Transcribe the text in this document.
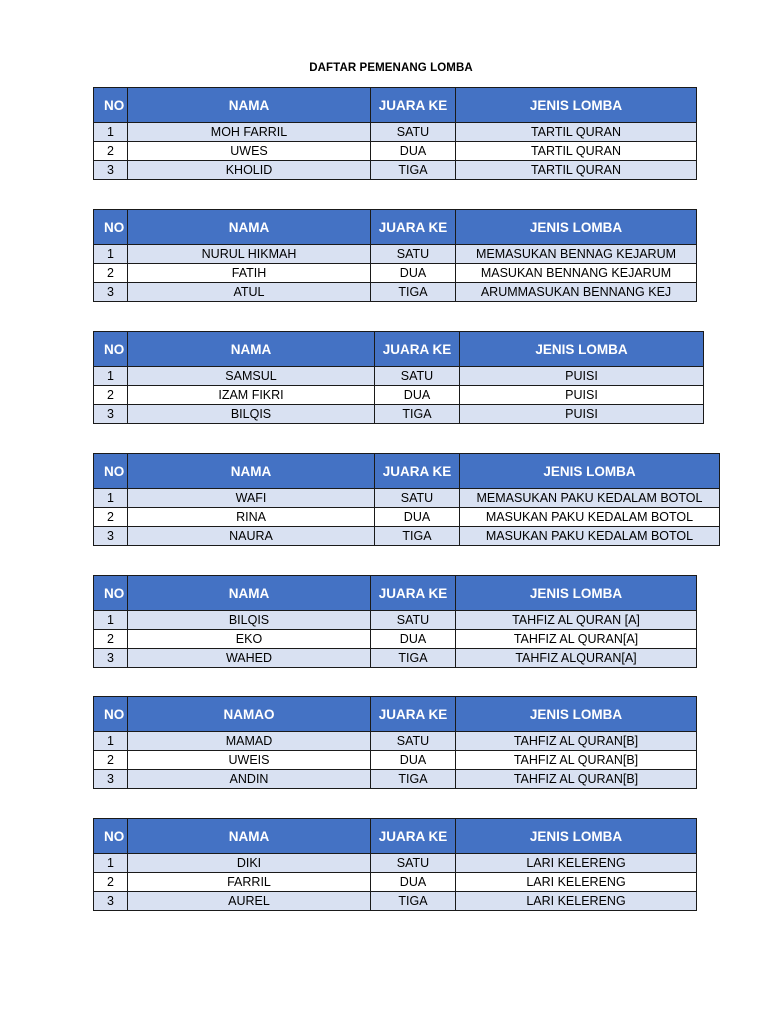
DAFTAR PEMENANG LOMBA
NO	NAMA	JUARA KE	JENIS LOMBA
1	MOH FARRIL	SATU	TARTIL QURAN
2	UWES	DUA	TARTIL QURAN
3	KHOLID	TIGA	TARTIL QURAN
NO	NAMA	JUARA KE	JENIS LOMBA
1	NURUL HIKMAH	SATU	MEMASUKAN BENNAG KEJARUM
2	FATIH	DUA	MASUKAN BENNANG KEJARUM
3	ATUL	TIGA	ARUMMASUKAN BENNANG KEJ
NO	NAMA	JUARA KE	JENIS LOMBA
1	SAMSUL	SATU	PUISI
2	IZAM FIKRI	DUA	PUISI
3	BILQIS	TIGA	PUISI
NO	NAMA	JUARA KE	JENIS LOMBA
1	WAFI	SATU	MEMASUKAN PAKU KEDALAM BOTOL
2	RINA	DUA	MASUKAN PAKU KEDALAM BOTOL
3	NAURA	TIGA	MASUKAN PAKU KEDALAM BOTOL
NO	NAMA	JUARA KE	JENIS LOMBA
1	BILQIS	SATU	TAHFIZ AL QURAN [A]
2	EKO	DUA	TAHFIZ AL QURAN[A]
3	WAHED	TIGA	TAHFIZ ALQURAN[A]
NO	NAMAO	JUARA KE	JENIS LOMBA
1	MAMAD	SATU	TAHFIZ AL QURAN[B]
2	UWEIS	DUA	TAHFIZ AL QURAN[B]
3	ANDIN	TIGA	TAHFIZ AL QURAN[B]
NO	NAMA	JUARA KE	JENIS LOMBA
1	DIKI	SATU	LARI KELERENG
2	FARRIL	DUA	LARI KELERENG
3	AUREL	TIGA	LARI KELERENG
